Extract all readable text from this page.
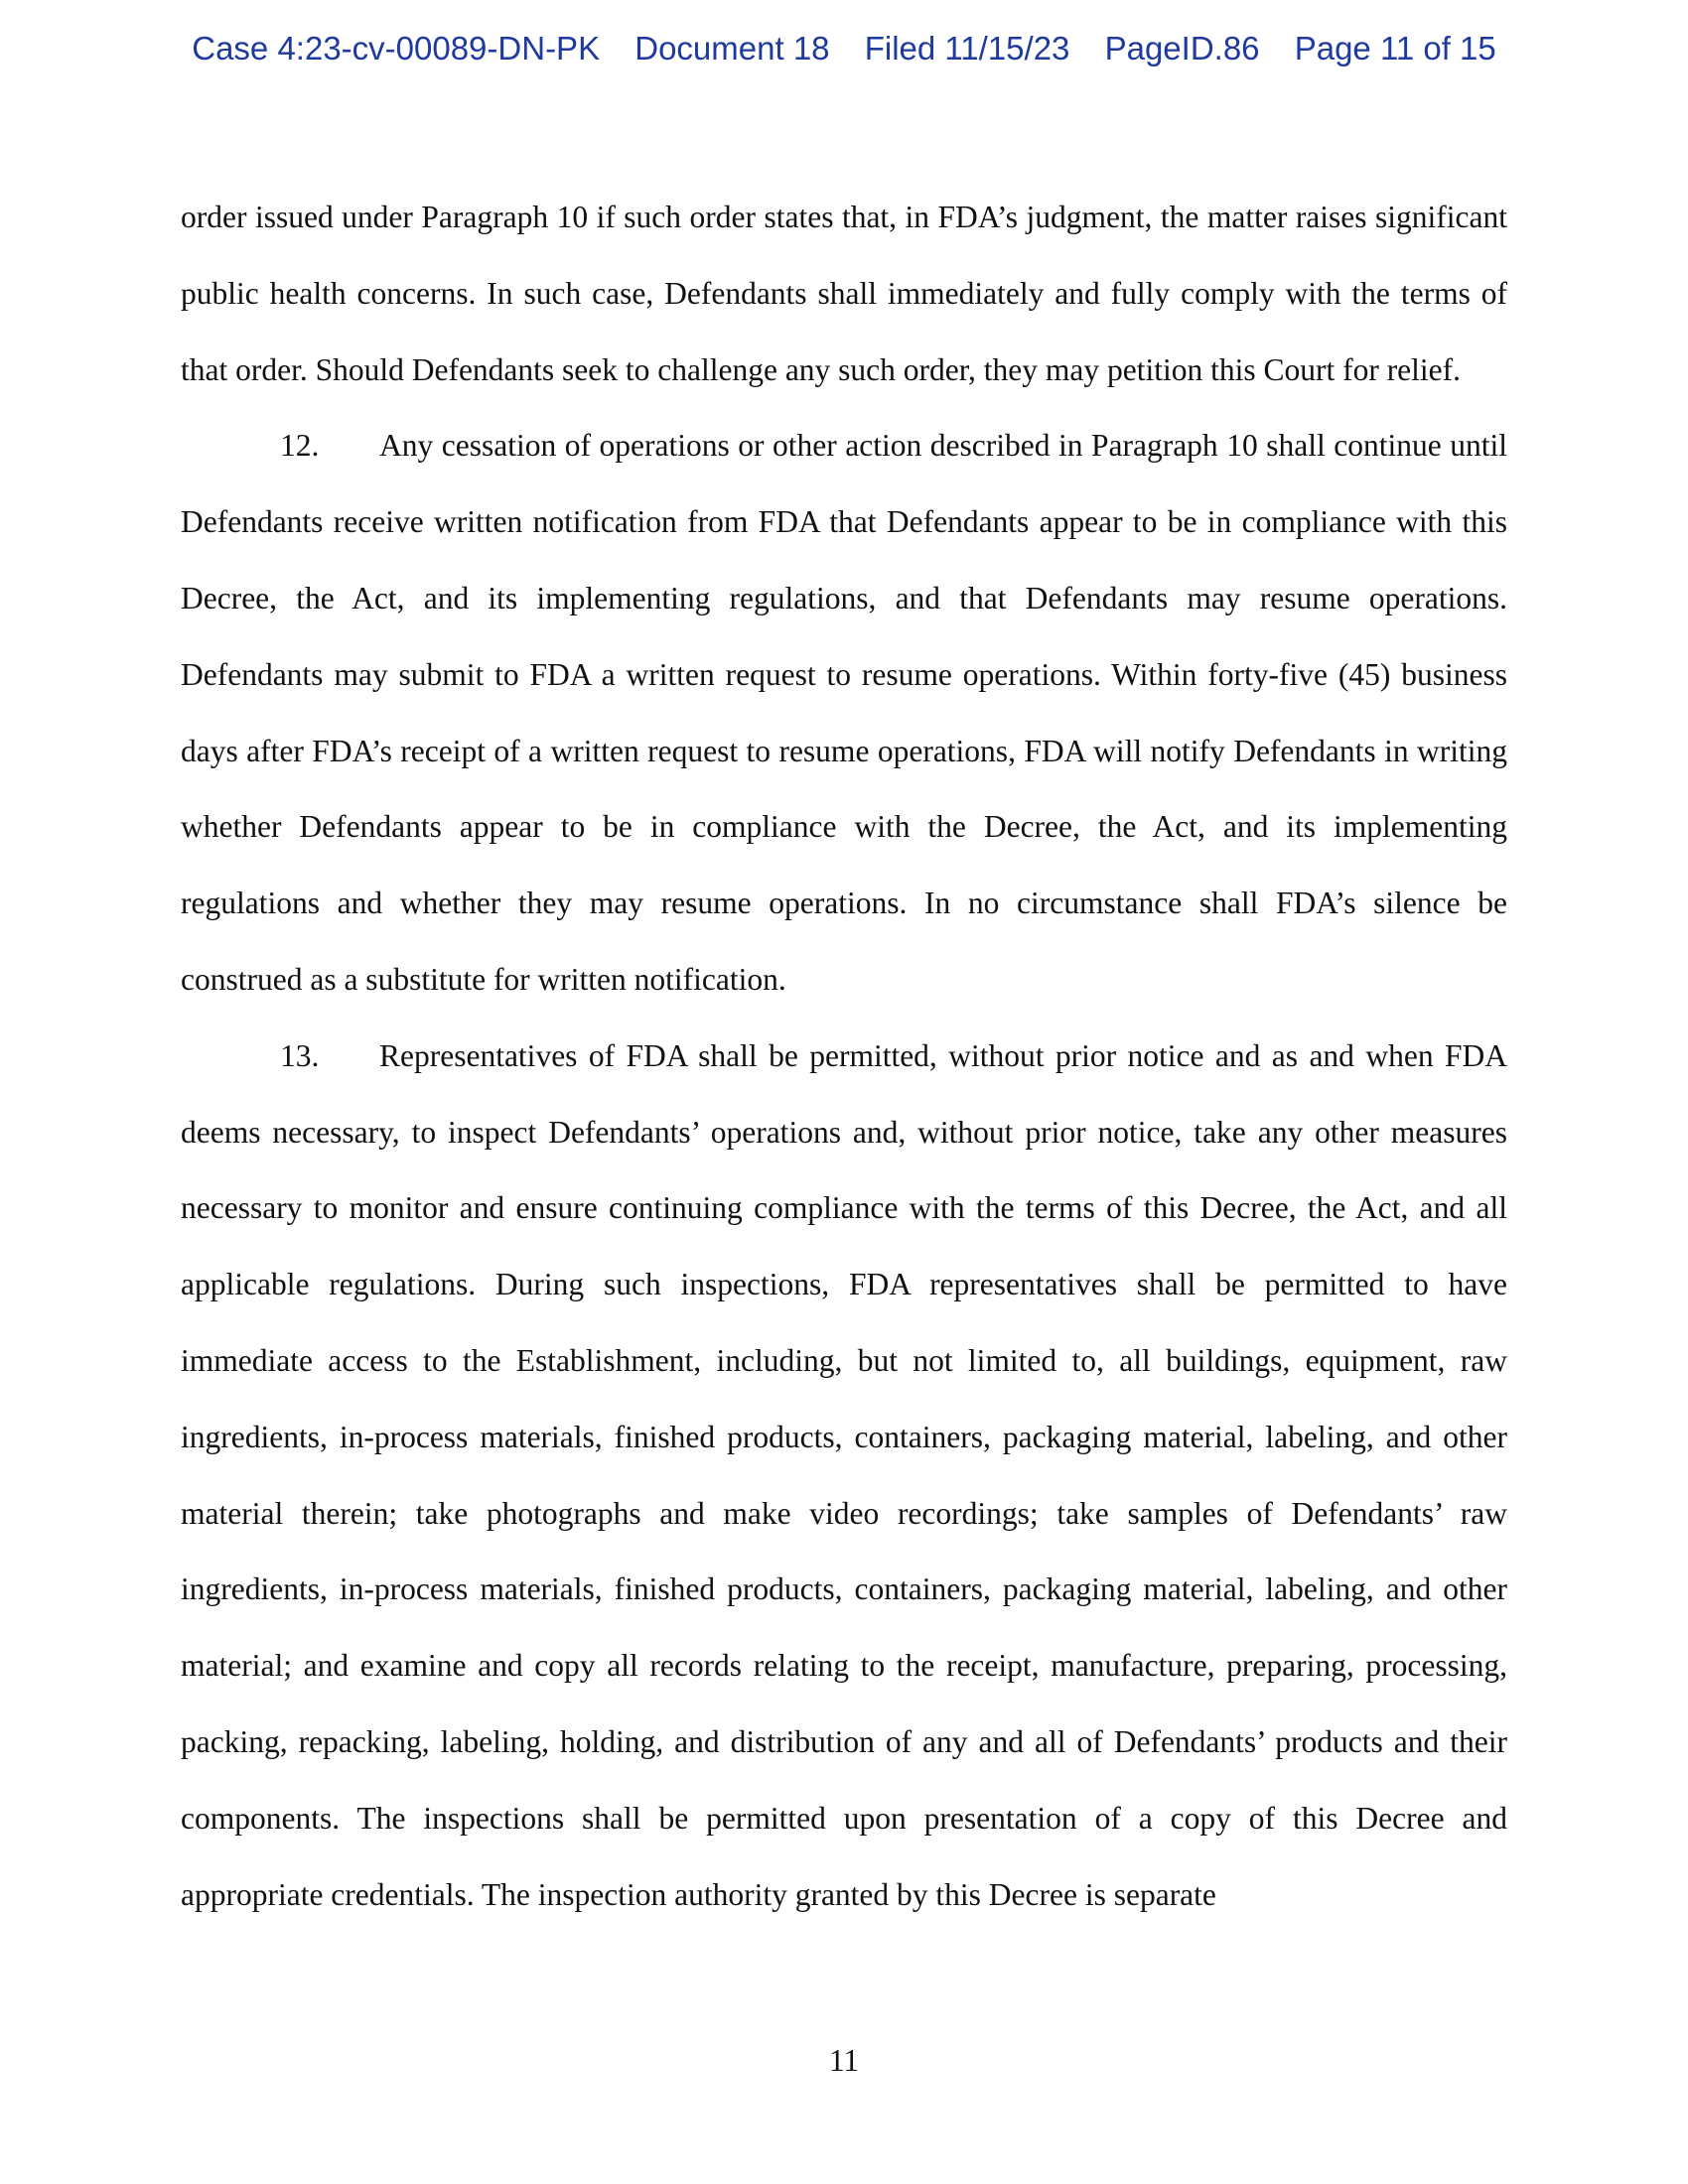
Case 4:23-cv-00089-DN-PK Document 18 Filed 11/15/23 PageID.86 Page 11 of 15

order issued under Paragraph 10 if such order states that, in FDA’s judgment, the matter raises significant public health concerns. In such case, Defendants shall immediately and fully comply with the terms of that order. Should Defendants seek to challenge any such order, they may petition this Court for relief.

12. Any cessation of operations or other action described in Paragraph 10 shall continue until Defendants receive written notification from FDA that Defendants appear to be in compliance with this Decree, the Act, and its implementing regulations, and that Defendants may resume operations. Defendants may submit to FDA a written request to resume operations. Within forty-five (45) business days after FDA’s receipt of a written request to resume operations, FDA will notify Defendants in writing whether Defendants appear to be in compliance with the Decree, the Act, and its implementing regulations and whether they may resume operations. In no circumstance shall FDA’s silence be construed as a substitute for written notification.

13. Representatives of FDA shall be permitted, without prior notice and as and when FDA deems necessary, to inspect Defendants’ operations and, without prior notice, take any other measures necessary to monitor and ensure continuing compliance with the terms of this Decree, the Act, and all applicable regulations. During such inspections, FDA representatives shall be permitted to have immediate access to the Establishment, including, but not limited to, all buildings, equipment, raw ingredients, in-process materials, finished products, containers, packaging material, labeling, and other material therein; take photographs and make video recordings; take samples of Defendants’ raw ingredients, in-process materials, finished products, containers, packaging material, labeling, and other material; and examine and copy all records relating to the receipt, manufacture, preparing, processing, packing, repacking, labeling, holding, and distribution of any and all of Defendants’ products and their components. The inspections shall be permitted upon presentation of a copy of this Decree and appropriate credentials. The inspection authority granted by this Decree is separate

11
